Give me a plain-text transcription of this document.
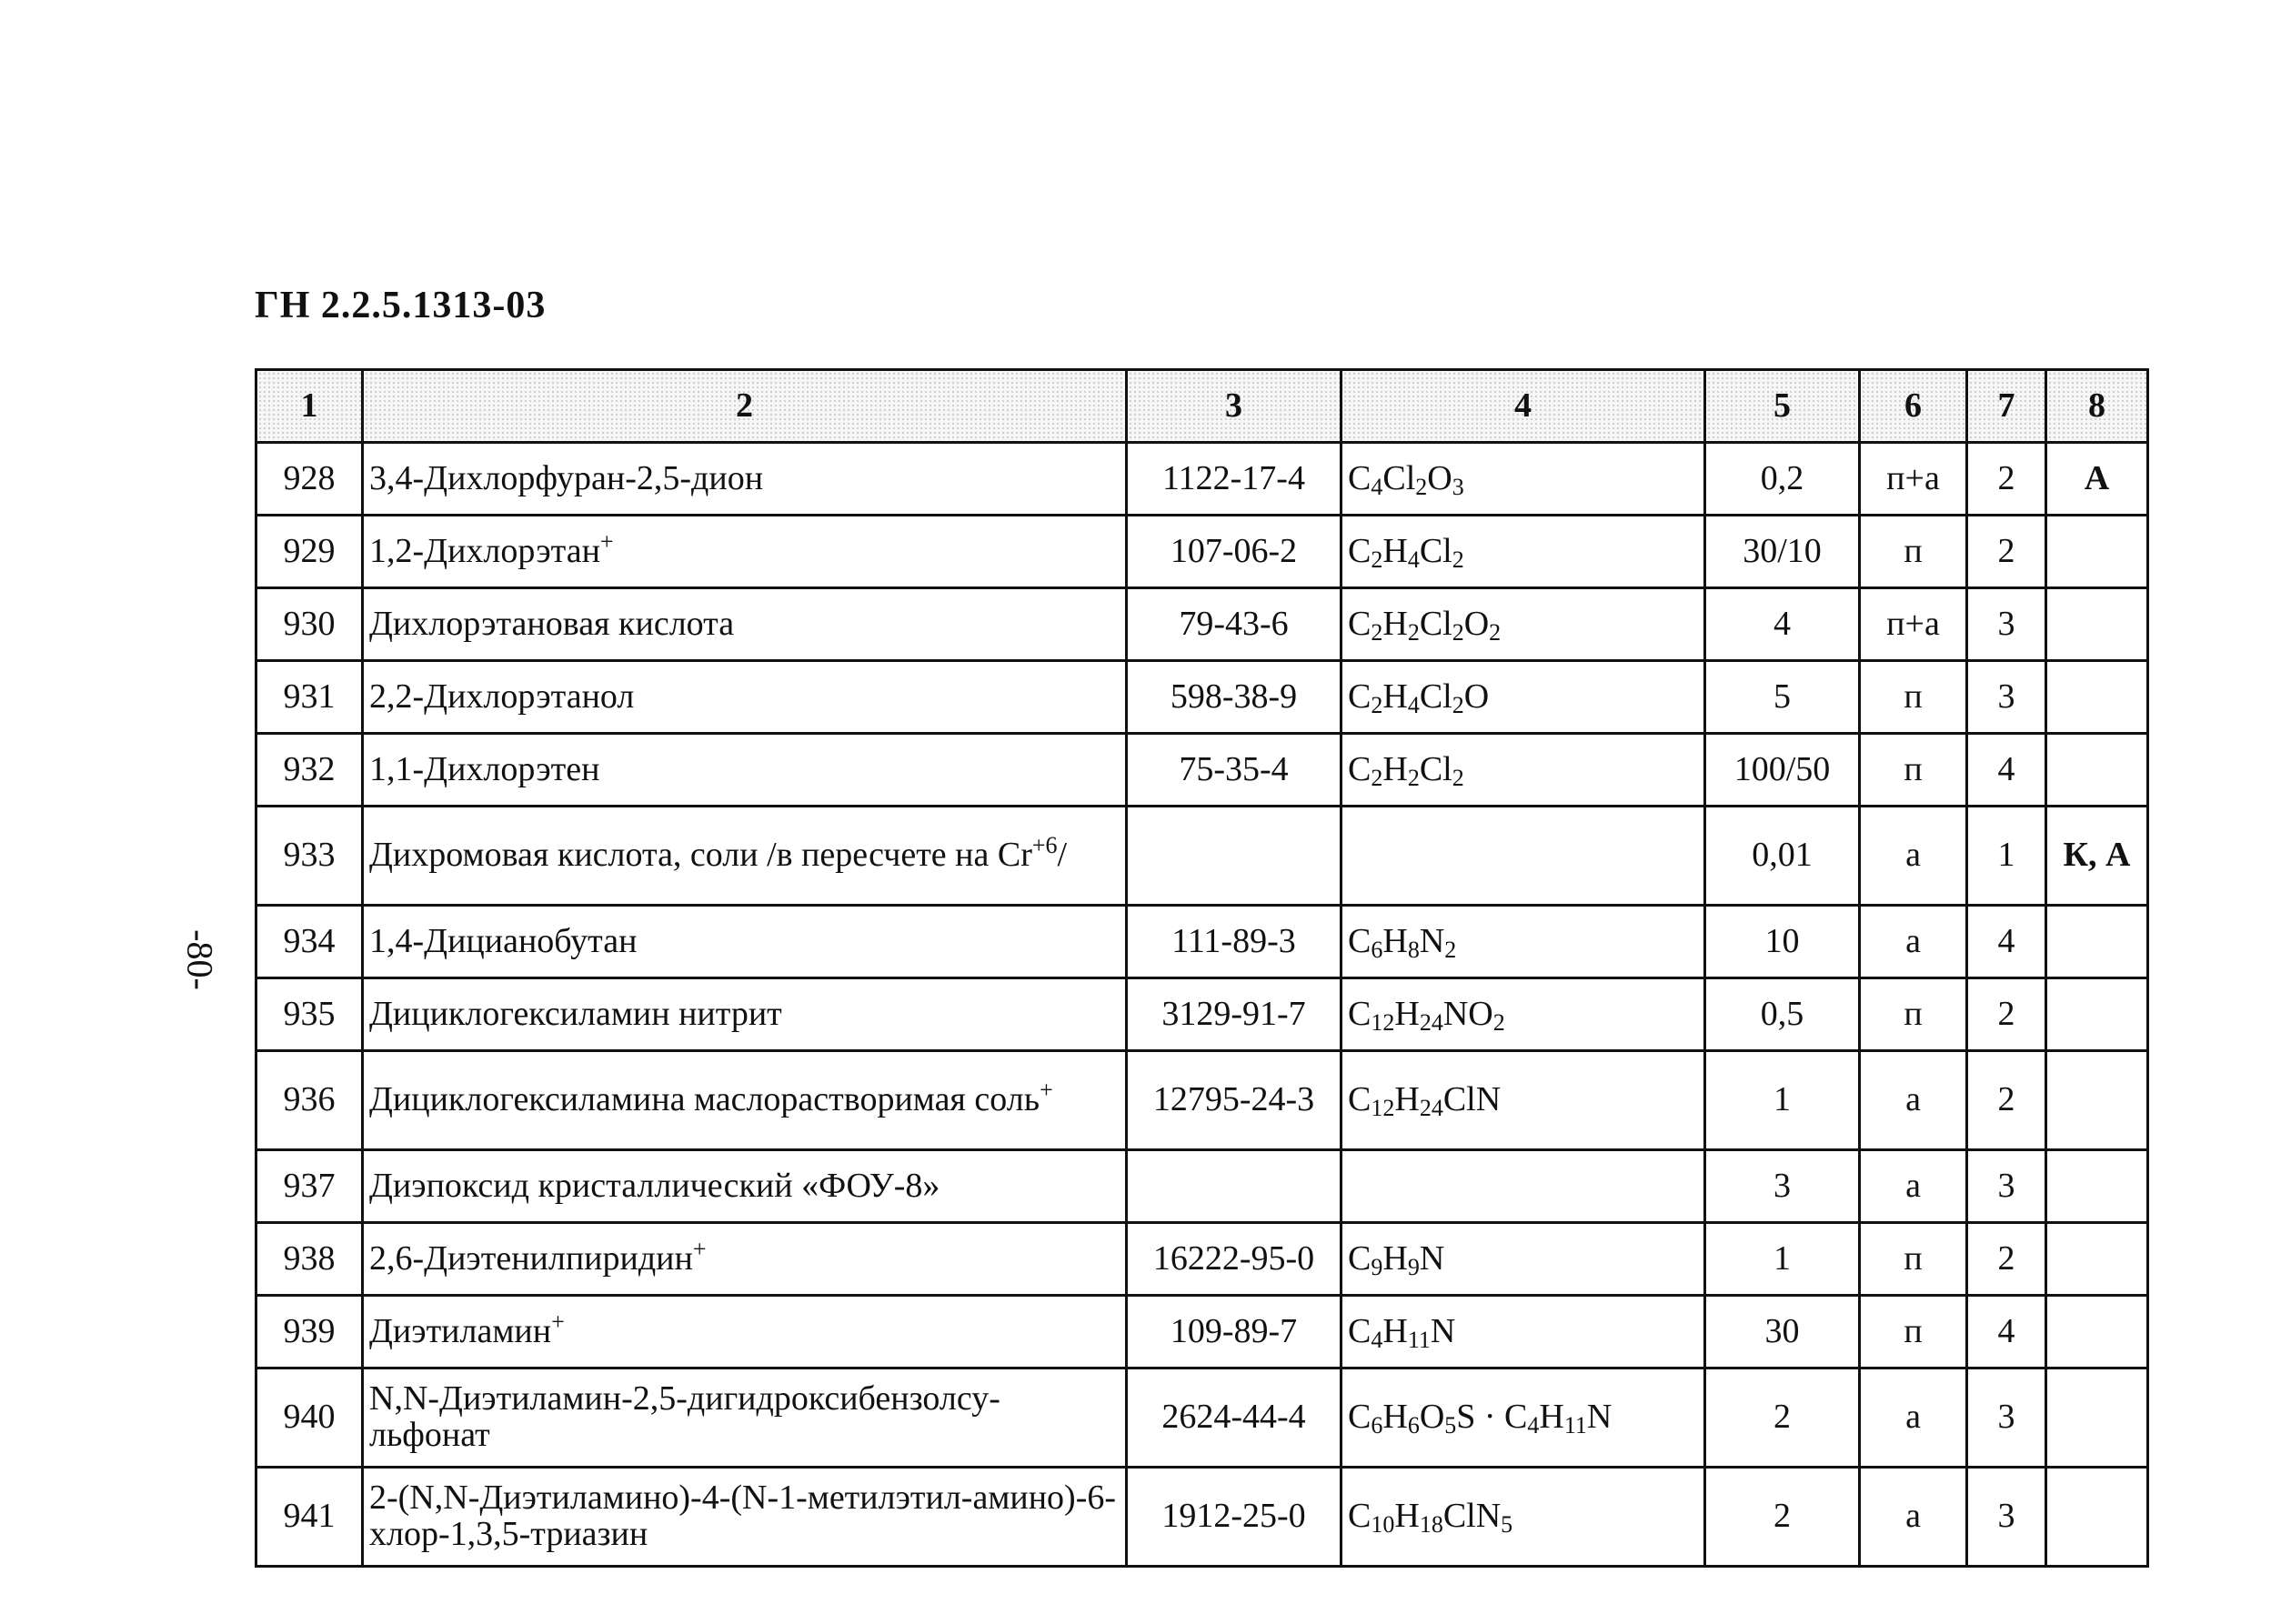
ГН 2.2.5.1313-03
-80-
1	2	3	4	5	6	7	8
928	3,4-Дихлорфуран-2,5-дион	1122-17-4	$C_4Cl_2O_3$	0,2	п+а	2	А
929	1,2-Дихлорэтан+	107-06-2	$C_2H_4Cl_2$	30/10	п	2	
930	Дихлорэтановая кислота	79-43-6	$C_2H_2Cl_2O_2$	4	п+а	3	
931	2,2-Дихлорэтанол	598-38-9	$C_2H_4Cl_2O$	5	п	3	
932	1,1-Дихлорэтен	75-35-4	$C_2H_2Cl_2$	100/50	п	4	
933	Дихромовая кислота, соли /в пересчете на $Cr^{+6}/$			0,01	а	1	К, А
934	1,4-Дицианобутан	111-89-3	$C_6H_8N_2$	10	а	4	
935	Дициклогексиламин нитрит	3129-91-7	$C_{12}H_{24}NO_2$	0,5	п	2	
936	Дициклогексиламина маслорастворимая соль+	12795-24-3	$C_{12}H_{24}ClN$	1	а	2	
937	Диэпоксид кристаллический «ФОУ-8»			3	а	3	
938	2,6-Диэтенилпиридин+	16222-95-0	$C_9H_9N$	1	п	2	
939	Диэтиламин+	109-89-7	$C_4H_{11}N$	30	п	4	
940	N,N-Диэтиламин-2,5-дигидроксибензолсу-льфонат	2624-44-4	$C_6H_6O_5S \cdot C_4H_{11}N$	2	а	3	
941	2-(N,N-Диэтиламино)-4-(N-1-метилэтил-амино)-6-хлор-1,3,5-триазин	1912-25-0	$C_{10}H_{18}ClN_5$	2	а	3	
